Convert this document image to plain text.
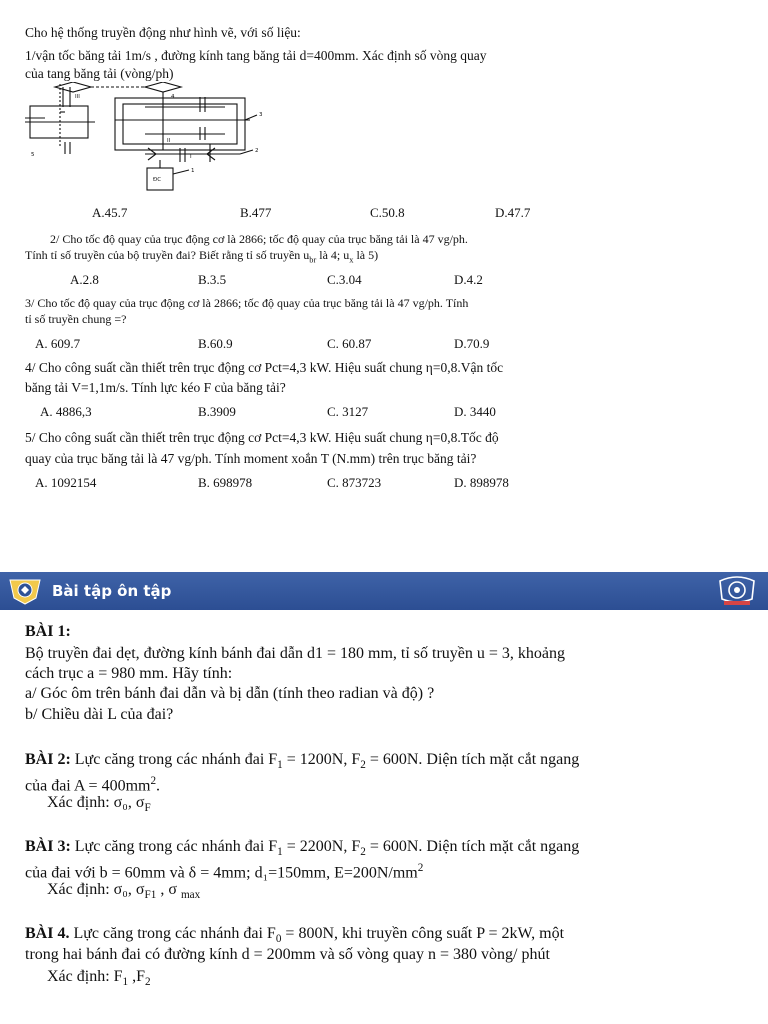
Cho hệ thống truyền động như hình vẽ, với số liệu:
1/vận tốc băng tải 1m/s , đường kính tang băng tải d=400mm. Xác định số vòng quay
của tang băng tải (vòng/ph)
III	4
3
II
2
5	I
1
ĐC
A.45.7	B.477	C.50.8	D.47.7
2/ Cho tốc độ quay của trục động cơ là 2866; tốc độ quay của trục băng tải là 47 vg/ph.
Tính tỉ số truyền của bộ truyền đai? Biết rằng tỉ số truyền $u_{br}$ là 4; $u_x$ là 5)
A.2.8	B.3.5	C.3.04	D.4.2
3/ Cho tốc độ quay của trục động cơ là 2866; tốc độ quay của trục băng tải là 47 vg/ph. Tính
tỉ số truyền chung =?
A. 609.7	B.60.9	C. 60.87	D.70.9
4/ Cho công suất cần thiết trên trục động cơ Pct=4,3 kW. Hiệu suất chung η=0,8.Vận tốc
băng tải V=1,1m/s. Tính lực kéo F của băng tải?
A. 4886,3	B.3909	C. 3127	D. 3440
5/ Cho công suất cần thiết trên trục động cơ Pct=4,3 kW. Hiệu suất chung η=0,8.Tốc độ
quay của trục băng tải là 47 vg/ph. Tính moment xoắn T (N.mm) trên trục băng tải?
A. 1092154	B. 698978	C. 873723	D. 898978
Bài tập ôn tập
BÀI 1:
Bộ truyền đai dẹt, đường kính bánh đai dẫn d1 = 180 mm, tỉ số truyền u = 3, khoảng
cách trục a = 980 mm. Hãy tính:
a/ Góc ôm trên bánh đai dẫn và bị dẫn (tính theo radian và độ) ?
b/ Chiều dài L của đai?
BÀI 2: Lực căng trong các nhánh đai $F_1 = 1200N$, $F_2 = 600N$. Diện tích mặt cắt ngang
của đai $A = 400mm^2$.
Xác định: σ₀, $\sigma_F$
BÀI 3: Lực căng trong các nhánh đai $F_1 = 2200N$, $F_2 = 600N$. Diện tích mặt cắt ngang
của đai với b = 60mm và δ = 4mm; d₁=150mm, $E=200N/mm^2$
Xác định: σ₀, $\sigma_{F1}$ , σ $_{max}$
BÀI 4. Lực căng trong các nhánh đai $F_0 = 800N$, khi truyền công suất P = 2kW, một
trong hai bánh đai có đường kính d = 200mm và số vòng quay n = 380 vòng/ phút
Xác định: $F_1$ $,F_2$
